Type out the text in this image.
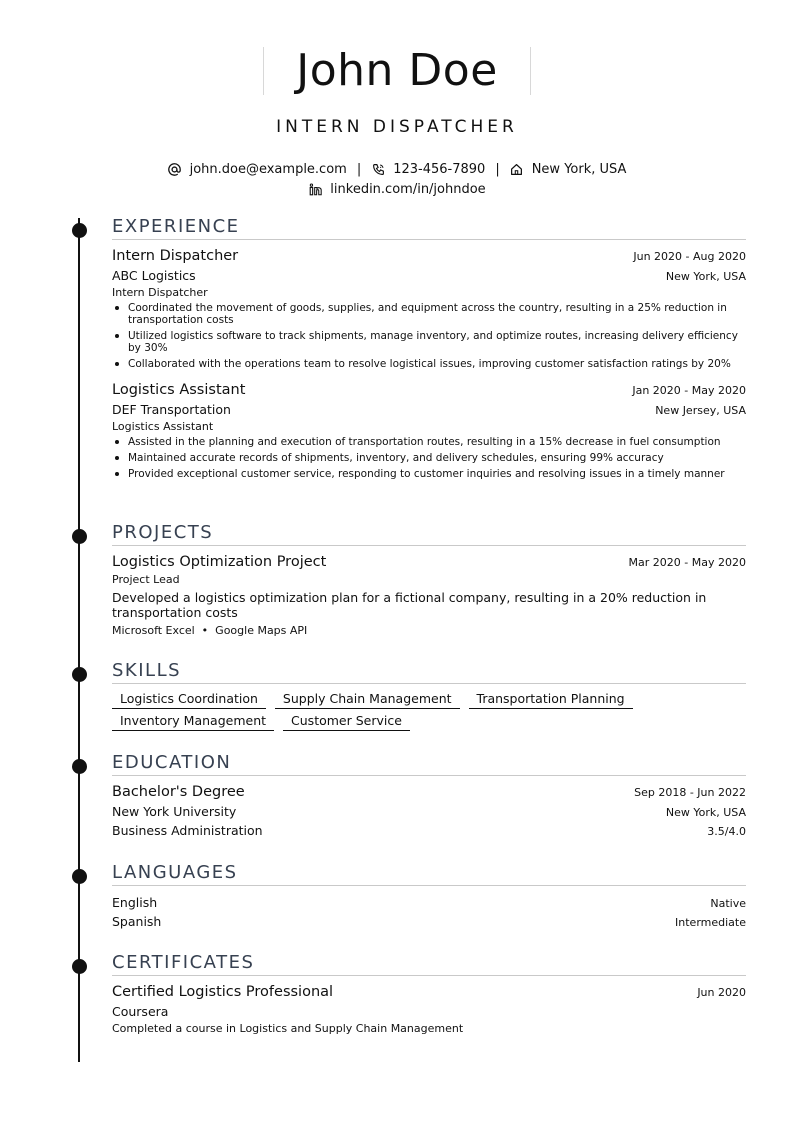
John Doe
INTERN DISPATCHER
john.doe@example.com | 123-456-7890 | New York, USA
linkedin.com/in/johndoe
EXPERIENCE
Intern Dispatcher	Jun 2020 - Aug 2020
ABC Logistics	New York, USA
Intern Dispatcher
Coordinated the movement of goods, supplies, and equipment across the country, resulting in a 25% reduction in transportation costs
Utilized logistics software to track shipments, manage inventory, and optimize routes, increasing delivery efficiency by 30%
Collaborated with the operations team to resolve logistical issues, improving customer satisfaction ratings by 20%
Logistics Assistant	Jan 2020 - May 2020
DEF Transportation	New Jersey, USA
Logistics Assistant
Assisted in the planning and execution of transportation routes, resulting in a 15% decrease in fuel consumption
Maintained accurate records of shipments, inventory, and delivery schedules, ensuring 99% accuracy
Provided exceptional customer service, responding to customer inquiries and resolving issues in a timely manner
PROJECTS
Logistics Optimization Project	Mar 2020 - May 2020
Project Lead
Developed a logistics optimization plan for a fictional company, resulting in a 20% reduction in transportation costs
Microsoft Excel  •  Google Maps API
SKILLS
Logistics Coordination	Supply Chain Management	Transportation Planning
Inventory Management	Customer Service
EDUCATION
Bachelor's Degree	Sep 2018 - Jun 2022
New York University	New York, USA
Business Administration	3.5/4.0
LANGUAGES
English	Native
Spanish	Intermediate
CERTIFICATES
Certified Logistics Professional	Jun 2020
Coursera
Completed a course in Logistics and Supply Chain Management
